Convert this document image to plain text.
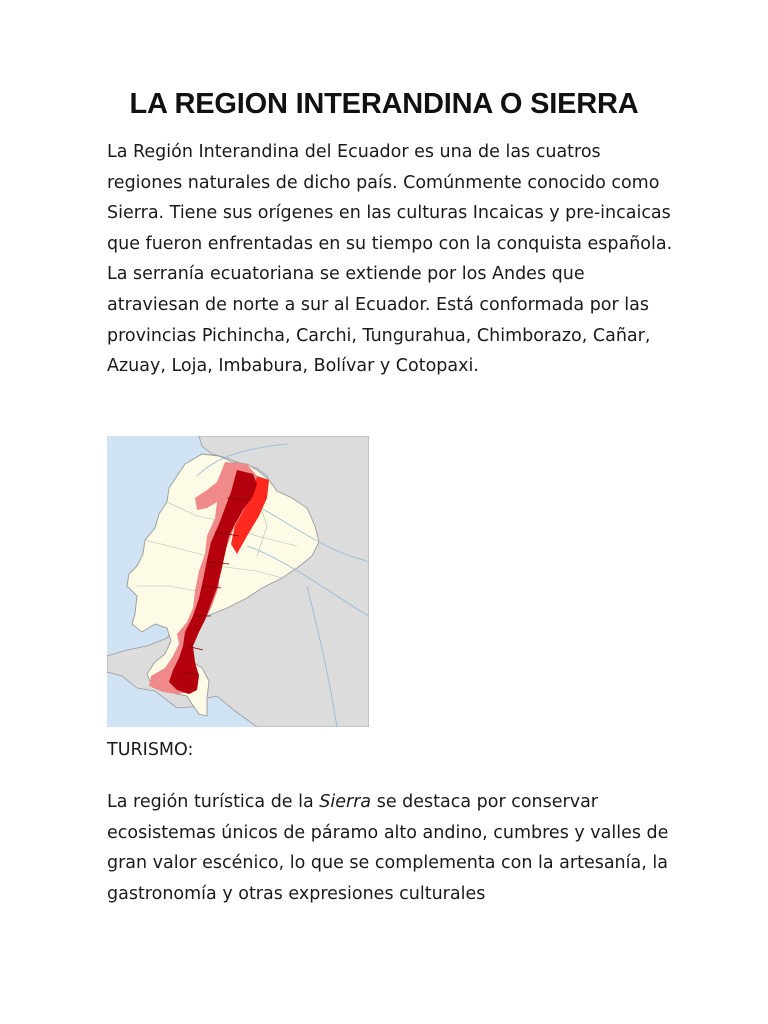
LA REGION INTERANDINA O SIERRA

La Región Interandina del Ecuador es una de las cuatros regiones naturales de dicho país. Comúnmente conocido como Sierra. Tiene sus orígenes en las culturas Incaicas y pre-incaicas que fueron enfrentadas en su tiempo con la conquista española. La serranía ecuatoriana se extiende por los Andes que atraviesan de norte a sur al Ecuador. Está conformada por las provincias Pichincha, Carchi, Tungurahua, Chimborazo, Cañar, Azuay, Loja, Imbabura, Bolívar y Cotopaxi.

TURISMO:

La región turística de la Sierra se destaca por conservar ecosistemas únicos de páramo alto andino, cumbres y valles de gran valor escénico, lo que se complementa con la artesanía, la gastronomía y otras expresiones culturales
